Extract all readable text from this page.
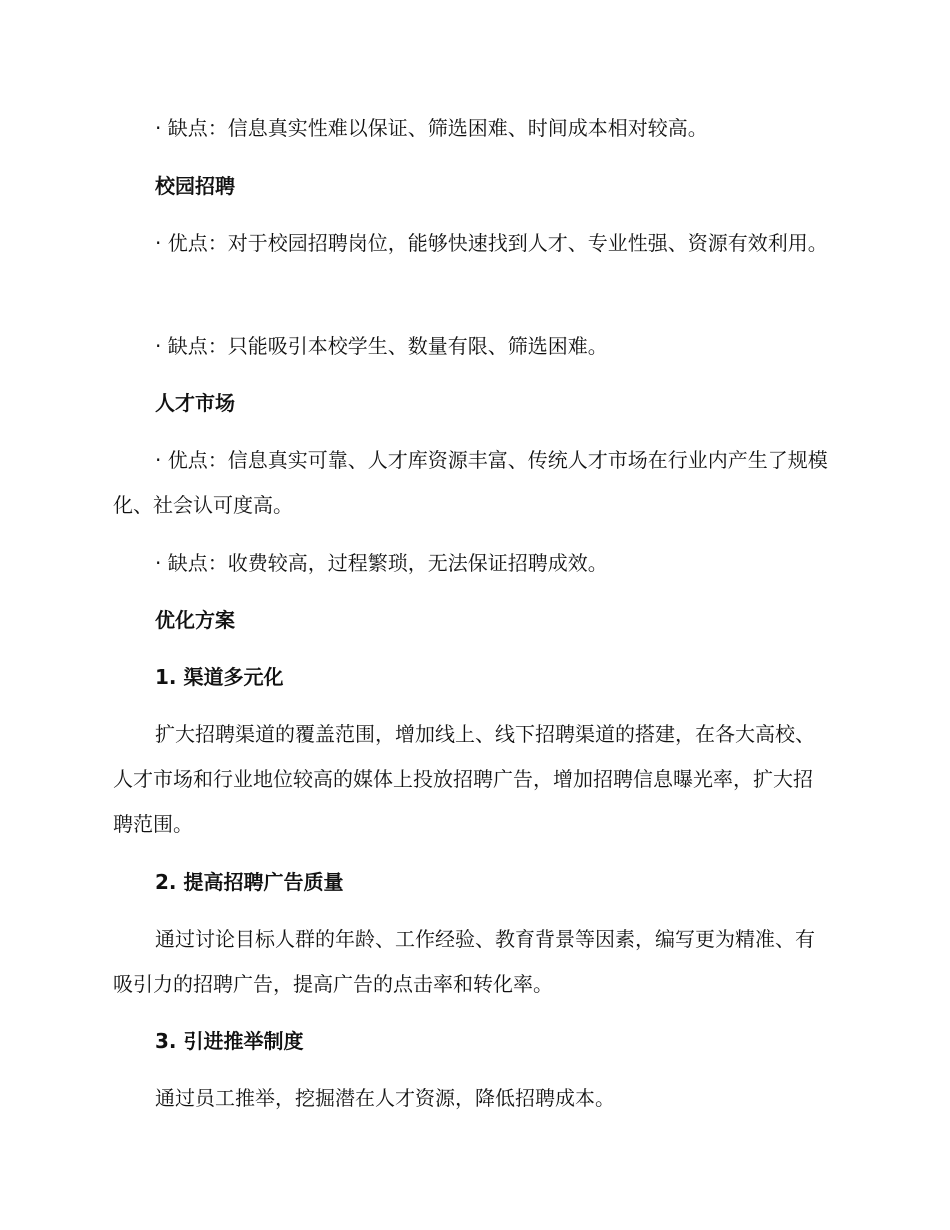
· 缺点：信息真实性难以保证、筛选困难、时间成本相对较高。

校园招聘

· 优点：对于校园招聘岗位，能够快速找到人才、专业性强、资源有效利用。

· 缺点：只能吸引本校学生、数量有限、筛选困难。

人才市场

· 优点：信息真实可靠、人才库资源丰富、传统人才市场在行业内产生了规模化、社会认可度高。

· 缺点：收费较高，过程繁琐，无法保证招聘成效。

优化方案

1. 渠道多元化

扩大招聘渠道的覆盖范围，增加线上、线下招聘渠道的搭建，在各大高校、人才市场和行业地位较高的媒体上投放招聘广告，增加招聘信息曝光率，扩大招聘范围。

2. 提高招聘广告质量

通过讨论目标人群的年龄、工作经验、教育背景等因素，编写更为精准、有吸引力的招聘广告，提高广告的点击率和转化率。

3. 引进推举制度

通过员工推举，挖掘潜在人才资源，降低招聘成本。
